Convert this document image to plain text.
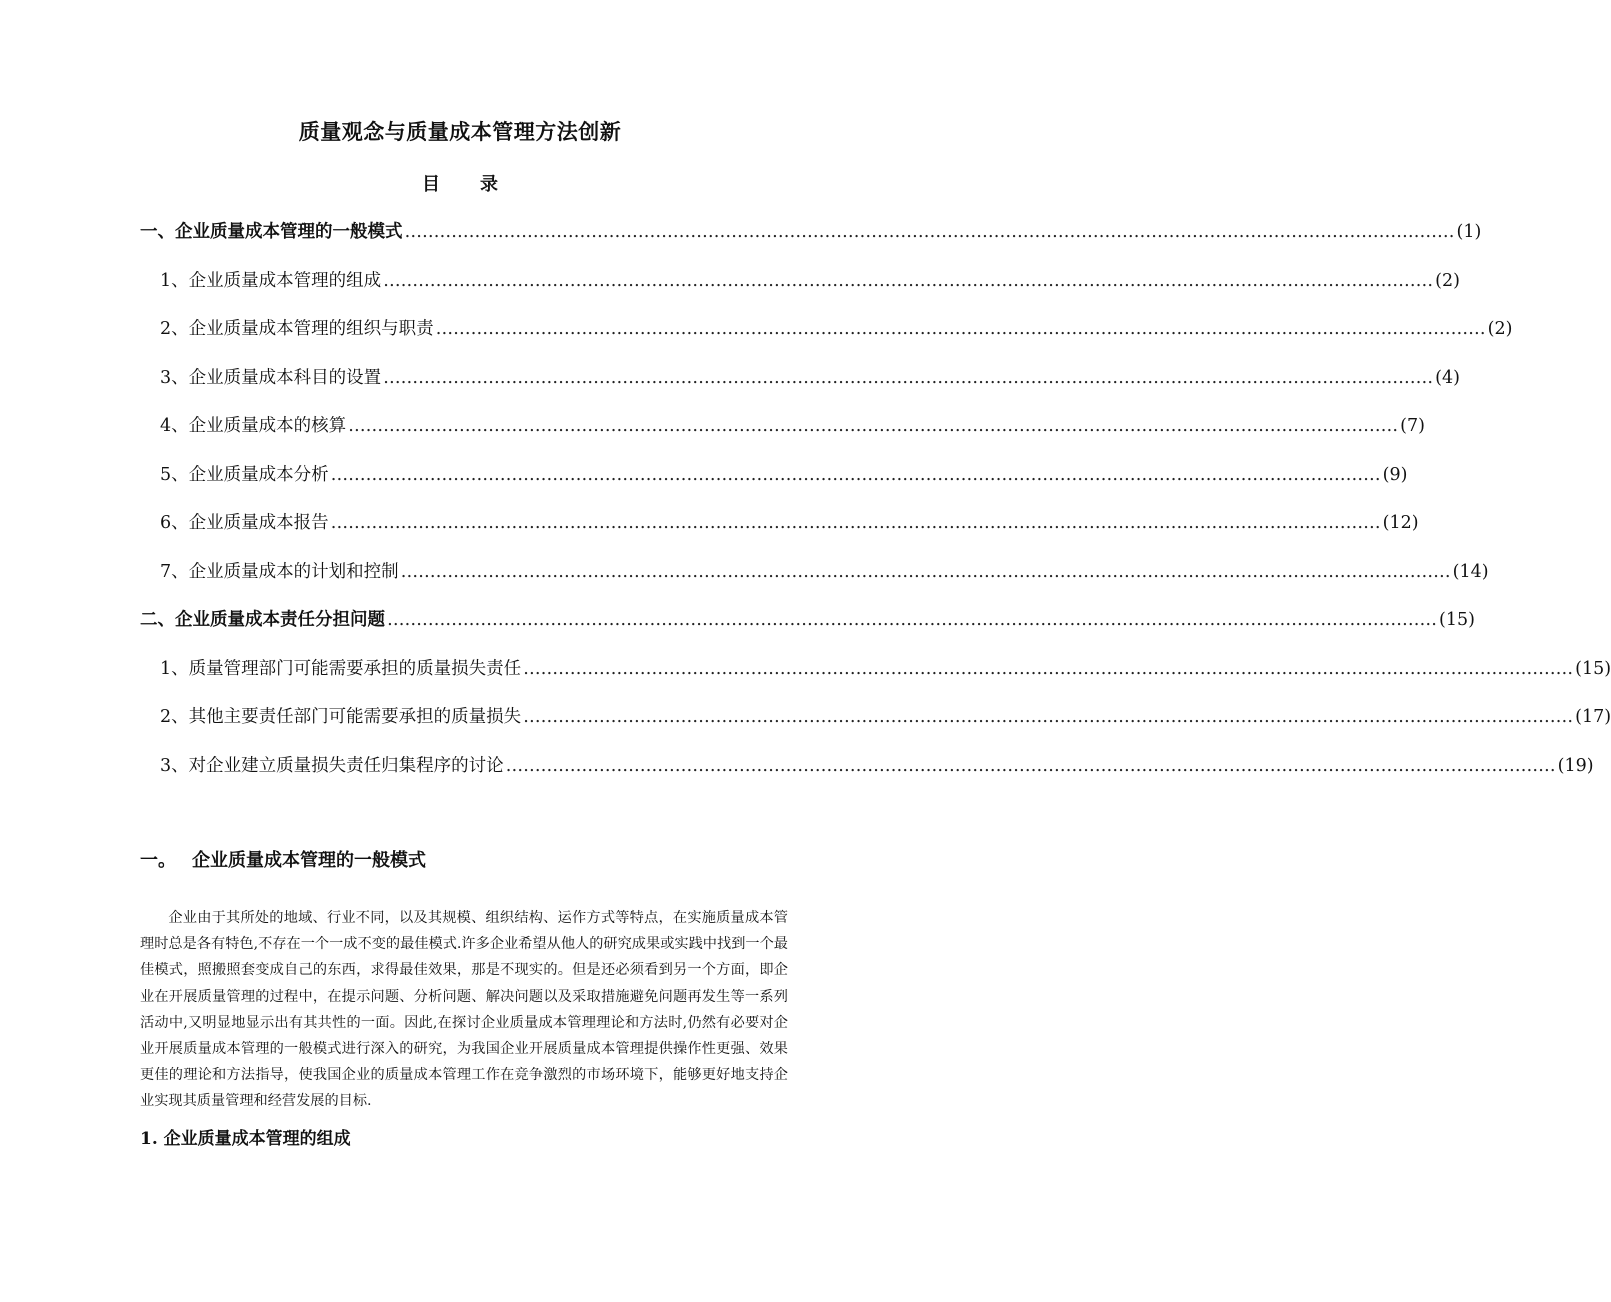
质量观念与质量成本管理方法创新
目 录
一、企业质量成本管理的一般模式 ……………………………………………………………………………………………………………………………………………………………… (1)
1、企业质量成本管理的组成 ……………………………………………………………………………………………………………………………………………………………… (2)
2、企业质量成本管理的组织与职责 ……………………………………………………………………………………………………………………………………………………………… (2)
3、企业质量成本科目的设置 ……………………………………………………………………………………………………………………………………………………………… (4)
4、企业质量成本的核算 ……………………………………………………………………………………………………………………………………………………………… (7)
5、企业质量成本分析 ……………………………………………………………………………………………………………………………………………………………… (9)
6、企业质量成本报告 ……………………………………………………………………………………………………………………………………………………………… (12)
7、企业质量成本的计划和控制 ……………………………………………………………………………………………………………………………………………………………… (14)
二、企业质量成本责任分担问题 ……………………………………………………………………………………………………………………………………………………………… (15)
1、质量管理部门可能需要承担的质量损失责任 ……………………………………………………………………………………………………………………………………………………………… (15)
2、其他主要责任部门可能需要承担的质量损失 ……………………………………………………………………………………………………………………………………………………………… (17)
3、对企业建立质量损失责任归集程序的讨论 ……………………………………………………………………………………………………………………………………………………………… (19)
一。 企业质量成本管理的一般模式

企业由于其所处的地域、行业不同，以及其规模、组织结构、运作方式等特点，在实施质量成本管理时总是各有特色,不存在一个一成不变的最佳模式.许多企业希望从他人的研究成果或实践中找到一个最佳模式，照搬照套变成自己的东西，求得最佳效果，那是不现实的。但是还必须看到另一个方面，即企业在开展质量管理的过程中，在提示问题、分析问题、解决问题以及采取措施避免问题再发生等一系列活动中,又明显地显示出有其共性的一面。因此,在探讨企业质量成本管理理论和方法时,仍然有必要对企业开展质量成本管理的一般模式进行深入的研究，为我国企业开展质量成本管理提供操作性更强、效果更佳的理论和方法指导，使我国企业的质量成本管理工作在竞争激烈的市场环境下，能够更好地支持企业实现其质量管理和经营发展的目标.

1. 企业质量成本管理的组成
